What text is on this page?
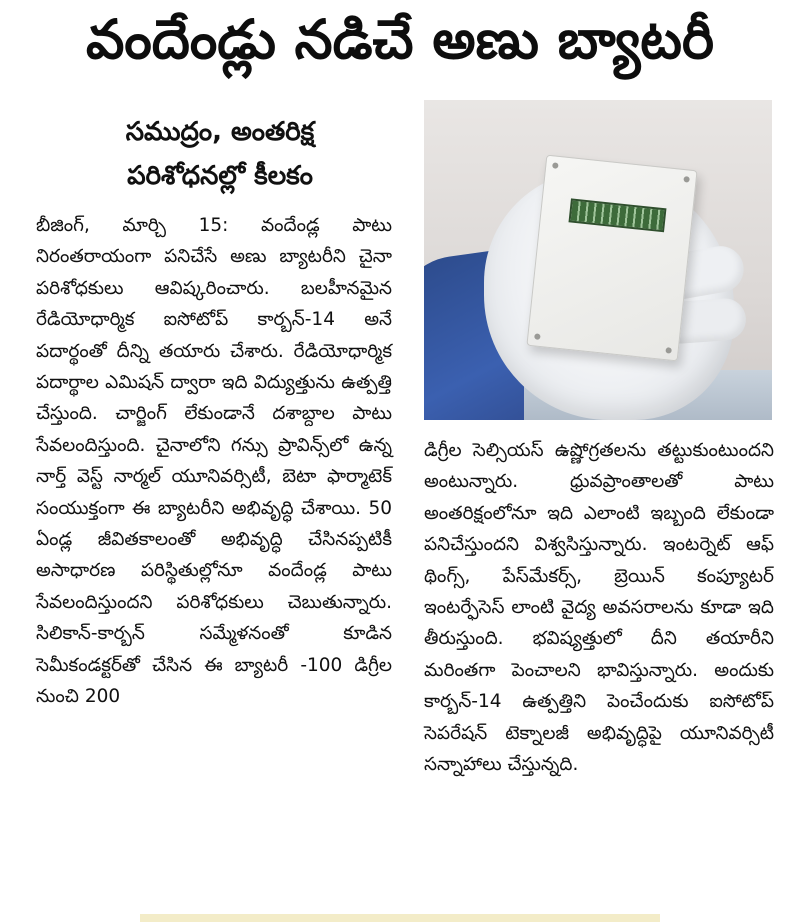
వందేండ్లు నడిచే అణు బ్యాటరీ
సముద్రం, అంతరిక్ష
పరిశోధనల్లో కీలకం
బీజింగ్, మార్చి 15: వందేండ్ల పాటు నిరంతరాయంగా పనిచేసే అణు బ్యాటరీని చైనా పరిశోధకులు ఆవిష్కరించారు. బలహీనమైన రేడియోధార్మిక ఐసోటోప్ కార్బన్-14 అనే పదార్థంతో దీన్ని తయారు చేశారు. రేడియోధార్మిక పదార్థాల ఎమిషన్ ద్వారా ఇది విద్యుత్తును ఉత్పత్తి చేస్తుంది. చార్జింగ్ లేకుండానే దశాబ్దాల పాటు సేవలందిస్తుంది. చైనాలోని గన్సు ప్రావిన్స్‌లో ఉన్న నార్త్ వెస్ట్ నార్మల్ యూనివర్సిటీ, బెటా ఫార్మాటెక్ సంయుక్తంగా ఈ బ్యాటరీని అభివృద్ధి చేశాయి. 50 ఏండ్ల జీవితకాలంతో అభివృద్ధి చేసినప్పటికీ అసాధారణ పరిస్థితుల్లోనూ వందేండ్ల పాటు సేవలందిస్తుందని పరిశోధకులు చెబుతున్నారు. సిలికాన్-కార్బన్ సమ్మేళనంతో కూడిన సెమీకండక్టర్‌తో చేసిన ఈ బ్యాటరీ -100 డిగ్రీల నుంచి 200
డిగ్రీల సెల్సియస్ ఉష్ణోగ్రతలను తట్టుకుంటుందని అంటున్నారు. ధ్రువప్రాంతాలతో పాటు అంతరిక్షంలోనూ ఇది ఎలాంటి ఇబ్బంది లేకుండా పనిచేస్తుందని విశ్వసిస్తున్నారు. ఇంటర్నెట్ ఆఫ్ థింగ్స్, పేస్‌మేకర్స్, బ్రెయిన్ కంప్యూటర్ ఇంటర్ఫేసెస్ లాంటి వైద్య అవసరాలను కూడా ఇది తీరుస్తుంది. భవిష్యత్తులో దీని తయారీని మరింతగా పెంచాలని భావిస్తున్నారు. అందుకు కార్బన్-14 ఉత్పత్తిని పెంచేందుకు ఐసోటోప్ సెపరేషన్ టెక్నాలజీ అభివృద్ధిపై యూనివర్సిటీ సన్నాహాలు చేస్తున్నది.
